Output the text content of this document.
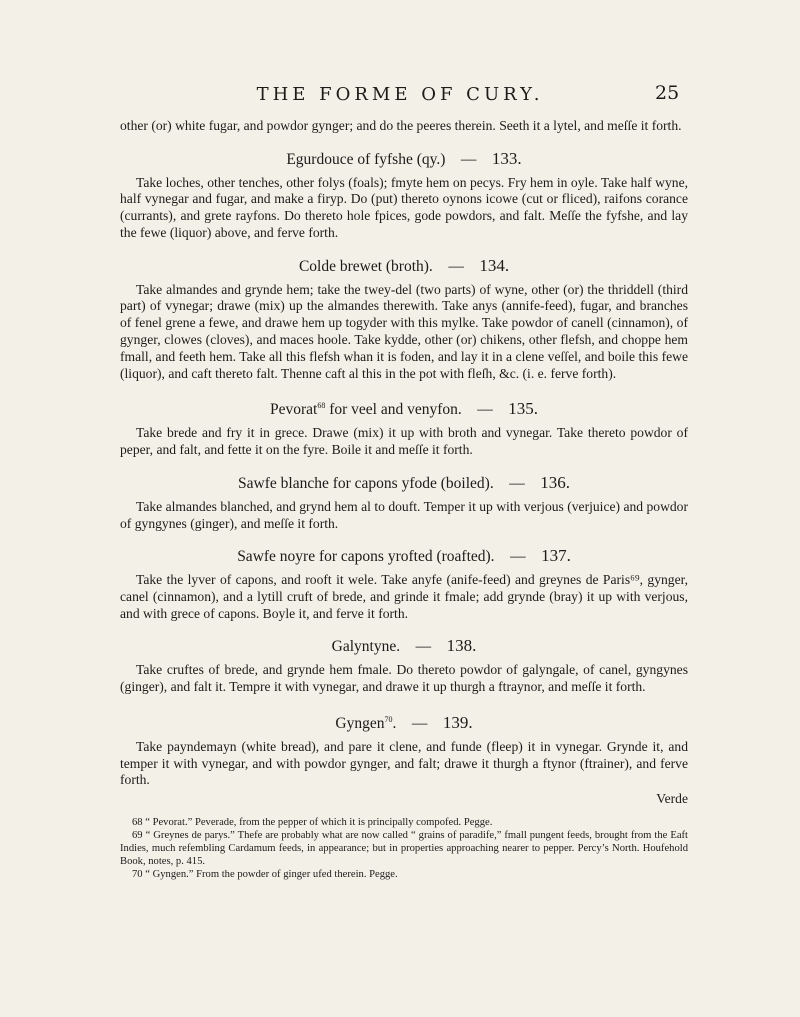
THE FORME OF CURY.	25

other (or) white fugar, and powdor gynger; and do the peeres therein. Seeth it a lytel, and meſſe it forth.

Egurdouce of fyfshe (qy.) — 133.

Take loches, other tenches, other folys (foals); fmyte hem on pecys. Fry hem in oyle. Take half wyne, half vynegar and fugar, and make a firyp. Do (put) thereto oynons icowe (cut or fliced), raifons corance (currants), and grete rayfons. Do thereto hole fpices, gode powdors, and falt. Meſſe the fyfshe, and lay the fewe (liquor) above, and ferve forth.

Colde brewet (broth). — 134.

Take almandes and grynde hem; take the twey-del (two parts) of wyne, other (or) the thriddell (third part) of vynegar; drawe (mix) up the almandes therewith. Take anys (annife-feed), fugar, and branches of fenel grene a fewe, and drawe hem up togyder with this mylke. Take powdor of canell (cinnamon), of gynger, clowes (cloves), and maces hoole. Take kydde, other (or) chikens, other flefsh, and choppe hem fmall, and feeth hem. Take all this flefsh whan it is foden, and lay it in a clene veſſel, and boile this fewe (liquor), and caft thereto falt. Thenne caft al this in the pot with fleſh, &c. (i. e. ferve forth).

Pevorat$^{68}$ for veel and venyfon. — 135.

Take brede and fry it in grece. Drawe (mix) it up with broth and vynegar. Take thereto powdor of peper, and falt, and fette it on the fyre. Boile it and meſſe it forth.

Sawfe blanche for capons yfode (boiled). — 136.

Take almandes blanched, and grynd hem al to douft. Temper it up with verjous (verjuice) and powdor of gyngynes (ginger), and meſſe it forth.

Sawfe noyre for capons yrofted (roafted). — 137.

Take the lyver of capons, and rooft it wele. Take anyfe (anife-feed) and greynes de Paris⁶⁹, gynger, canel (cinnamon), and a lytill cruft of brede, and grinde it fmale; add grynde (bray) it up with verjous, and with grece of capons. Boyle it, and ferve it forth.

Galyntyne. — 138.

Take cruftes of brede, and grynde hem fmale. Do thereto powdor of galyngale, of canel, gyngynes (ginger), and falt it. Tempre it with vynegar, and drawe it up thurgh a ftraynor, and meſſe it forth.

Gyngen$^{70}$. — 139.

Take payndemayn (white bread), and pare it clene, and funde (fleep) it in vynegar. Grynde it, and temper it with vynegar, and with powdor gynger, and falt; drawe it thurgh a ftynor (ftrainer), and ferve forth.

Verde

68 “ Pevorat.” Peverade, from the pepper of which it is principally compofed. Pegge.

69 “ Greynes de parys.” Thefe are probably what are now called “ grains of paradife,” fmall pungent feeds, brought from the Eaft Indies, much refembling Cardamum feeds, in appearance; but in properties approaching nearer to pepper. Percy’s North. Houfehold Book, notes, p. 415.

70 “ Gyngen.” From the powder of ginger ufed therein. Pegge.
